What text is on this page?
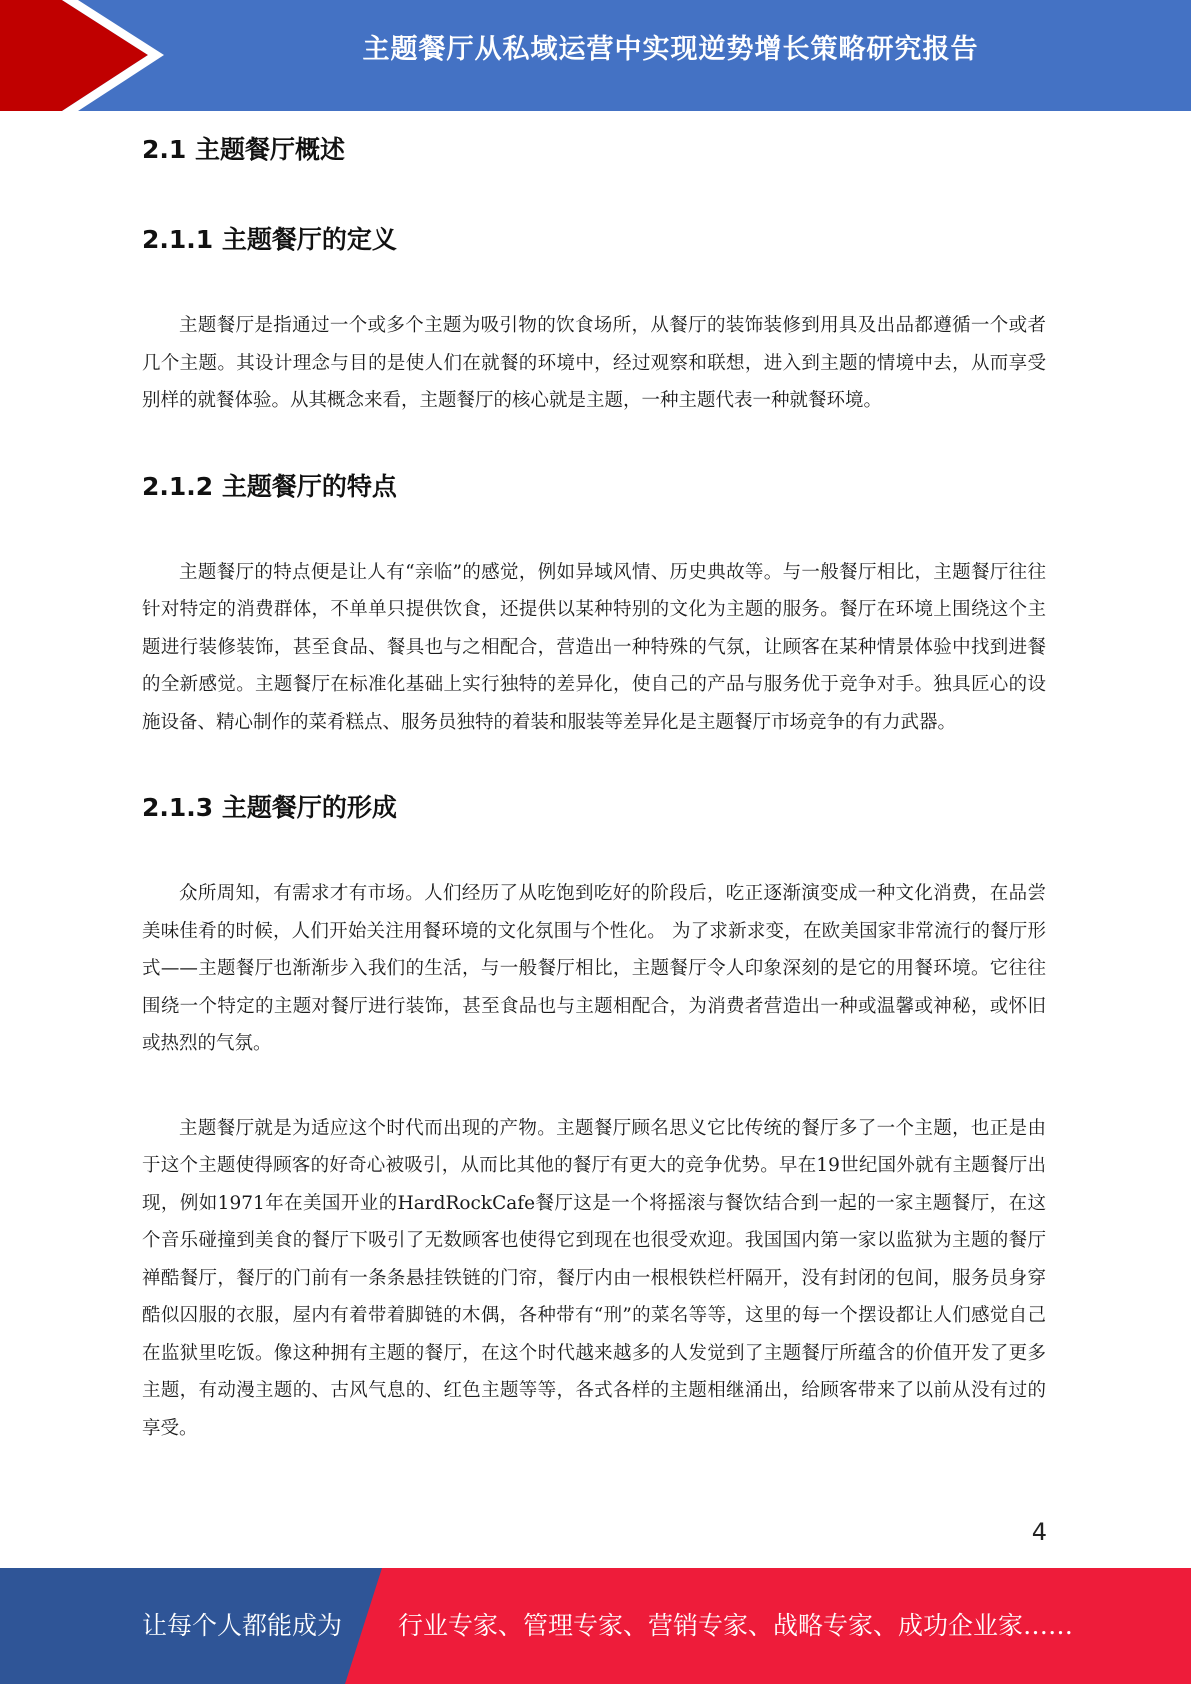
主题餐厅从私域运营中实现逆势增长策略研究报告
2.1 主题餐厅概述
2.1.1 主题餐厅的定义

主题餐厅是指通过一个或多个主题为吸引物的饮食场所，从餐厅的装饰装修到用具及出品都遵循一个或者几个主题。其设计理念与目的是使人们在就餐的环境中，经过观察和联想，进入到主题的情境中去，从而享受别样的就餐体验。从其概念来看，主题餐厅的核心就是主题，一种主题代表一种就餐环境。

2.1.2 主题餐厅的特点

主题餐厅的特点便是让人有“亲临”的感觉，例如异域风情、历史典故等。与一般餐厅相比，主题餐厅往往针对特定的消费群体，不单单只提供饮食，还提供以某种特别的文化为主题的服务。餐厅在环境上围绕这个主题进行装修装饰，甚至食品、餐具也与之相配合，营造出一种特殊的气氛，让顾客在某种情景体验中找到进餐的全新感觉。主题餐厅在标准化基础上实行独特的差异化，使自己的产品与服务优于竞争对手。独具匠心的设施设备、精心制作的菜肴糕点、服务员独特的着装和服装等差异化是主题餐厅市场竞争的有力武器。

2.1.3 主题餐厅的形成

众所周知，有需求才有市场。人们经历了从吃饱到吃好的阶段后，吃正逐渐演变成一种文化消费，在品尝美味佳肴的时候，人们开始关注用餐环境的文化氛围与个性化。 为了求新求变，在欧美国家非常流行的餐厅形式——主题餐厅也渐渐步入我们的生活，与一般餐厅相比，主题餐厅令人印象深刻的是它的用餐环境。它往往围绕一个特定的主题对餐厅进行装饰，甚至食品也与主题相配合，为消费者营造出一种或温馨或神秘，或怀旧或热烈的气氛。

主题餐厅就是为适应这个时代而出现的产物。主题餐厅顾名思义它比传统的餐厅多了一个主题，也正是由于这个主题使得顾客的好奇心被吸引，从而比其他的餐厅有更大的竞争优势。早在19世纪国外就有主题餐厅出现，例如1971年在美国开业的HardRockCafe餐厅这是一个将摇滚与餐饮结合到一起的一家主题餐厅，在这个音乐碰撞到美食的餐厅下吸引了无数顾客也使得它到现在也很受欢迎。我国国内第一家以监狱为主题的餐厅禅酷餐厅，餐厅的门前有一条条悬挂铁链的门帘，餐厅内由一根根铁栏杆隔开，没有封闭的包间，服务员身穿酷似囚服的衣服，屋内有着带着脚链的木偶，各种带有“刑”的菜名等等，这里的每一个摆设都让人们感觉自己在监狱里吃饭。像这种拥有主题的餐厅，在这个时代越来越多的人发觉到了主题餐厅所蕴含的价值开发了更多主题，有动漫主题的、古风气息的、红色主题等等，各式各样的主题相继涌出，给顾客带来了以前从没有过的享受。

4
让每个人都能成为 行业专家、管理专家、营销专家、战略专家、成功企业家……
